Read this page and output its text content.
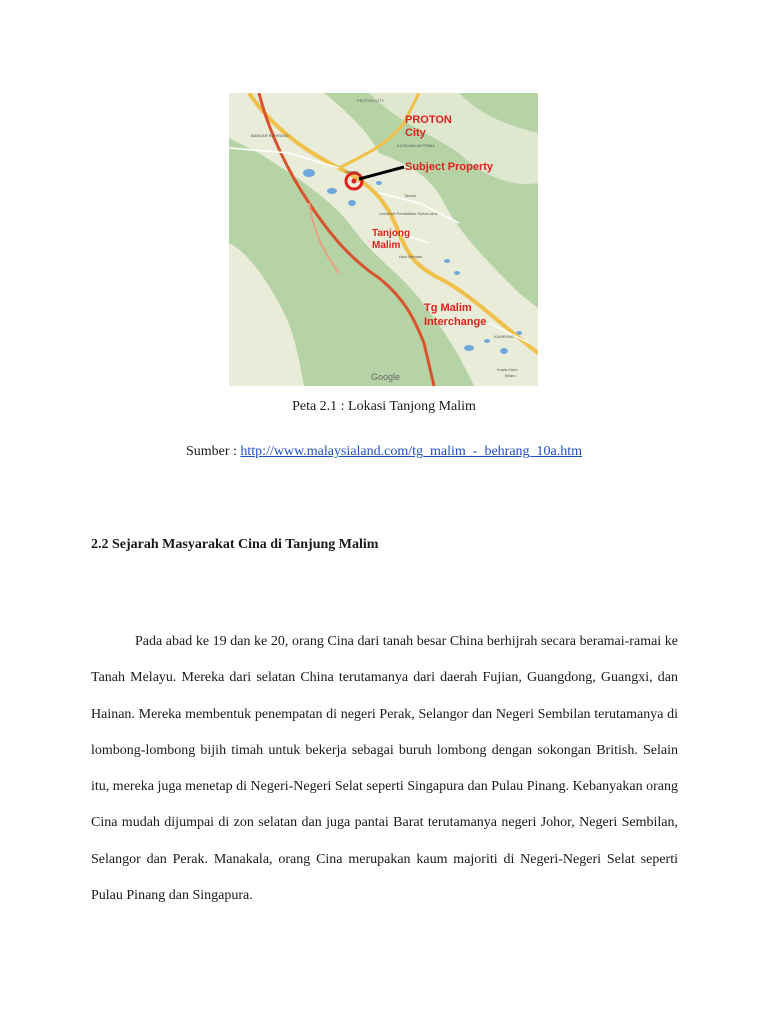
PROTON CITY
BANDAR BEHRANG
Tanjong
KOTA MALIM PRIMA
Taman
Universiti Pendidikan Sultan Idris
Hulu Bernam
KAMPUNG
Kuala Kubu
Bharu
PROTON
City
Subject Property
Tanjong
Malim
Tg Malim
Interchange
Google
Peta 2.1 : Lokasi Tanjong Malim
Sumber : http://www.malaysialand.com/tg_malim_-_behrang_10a.htm
2.2 Sejarah Masyarakat Cina di Tanjung Malim

Pada abad ke 19 dan ke 20, orang Cina dari tanah besar China berhijrah secara beramai-ramai ke Tanah Melayu. Mereka dari selatan China terutamanya dari daerah Fujian, Guangdong, Guangxi, dan Hainan. Mereka membentuk penempatan di negeri Perak, Selangor dan Negeri Sembilan terutamanya di lombong-lombong bijih timah untuk bekerja sebagai buruh lombong dengan sokongan British. Selain itu, mereka juga menetap di Negeri-Negeri Selat seperti Singapura dan Pulau Pinang. Kebanyakan orang Cina mudah dijumpai di zon selatan dan juga pantai Barat terutamanya negeri Johor, Negeri Sembilan, Selangor dan Perak. Manakala, orang Cina merupakan kaum majoriti di Negeri-Negeri Selat seperti Pulau Pinang dan Singapura.
